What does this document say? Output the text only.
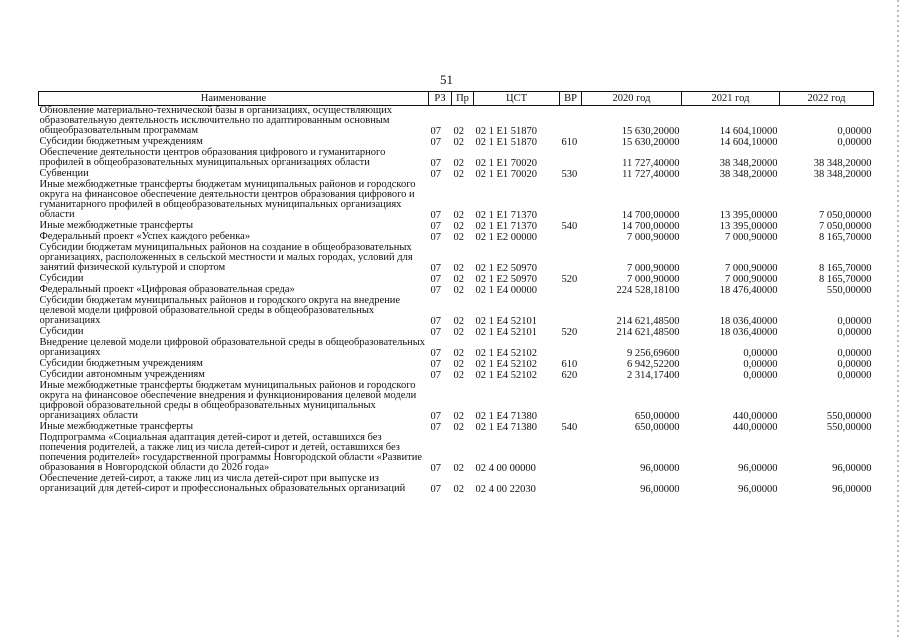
51
Наименование	РЗ	Пр	ЦСТ	ВР	2020 год	2021 год	2022 год
Обновление материально-технической базы в организациях, осуществляющих образовательную деятельность исключительно по адаптированным основным общеобразовательным программам	07	02	02 1 E1 51870		15 630,20000	14 604,10000	0,00000
Субсидии бюджетным учреждениям	07	02	02 1 E1 51870	610	15 630,20000	14 604,10000	0,00000
Обеспечение деятельности центров образования цифрового и гуманитарного профилей в общеобразовательных муниципальных организациях области	07	02	02 1 E1 70020		11 727,40000	38 348,20000	38 348,20000
Субвенции	07	02	02 1 E1 70020	530	11 727,40000	38 348,20000	38 348,20000
Иные межбюджетные трансферты бюджетам муниципальных районов и городского округа на финансовое обеспечение деятельности центров образования цифрового и гуманитарного профилей в общеобразовательных муниципальных организациях области	07	02	02 1 E1 71370		14 700,00000	13 395,00000	7 050,00000
Иные межбюджетные трансферты	07	02	02 1 E1 71370	540	14 700,00000	13 395,00000	7 050,00000
Федеральный проект «Успех каждого ребенка»	07	02	02 1 E2 00000		7 000,90000	7 000,90000	8 165,70000
Субсидии бюджетам муниципальных районов на создание в общеобразовательных организациях, расположенных в сельской местности и малых городах, условий для занятий физической культурой и спортом	07	02	02 1 E2 50970		7 000,90000	7 000,90000	8 165,70000
Субсидии	07	02	02 1 E2 50970	520	7 000,90000	7 000,90000	8 165,70000
Федеральный проект «Цифровая образовательная среда»	07	02	02 1 E4 00000		224 528,18100	18 476,40000	550,00000
Субсидии бюджетам муниципальных районов и городского округа на внедрение целевой модели цифровой образовательной среды в общеобразовательных организациях	07	02	02 1 E4 52101		214 621,48500	18 036,40000	0,00000
Субсидии	07	02	02 1 E4 52101	520	214 621,48500	18 036,40000	0,00000
Внедрение целевой модели цифровой образовательной среды в общеобразовательных организациях	07	02	02 1 E4 52102		9 256,69600	0,00000	0,00000
Субсидии бюджетным учреждениям	07	02	02 1 E4 52102	610	6 942,52200	0,00000	0,00000
Субсидии автономным учреждениям	07	02	02 1 E4 52102	620	2 314,17400	0,00000	0,00000
Иные межбюджетные трансферты бюджетам муниципальных районов и городского округа на финансовое обеспечение внедрения и функционирования целевой модели цифровой образовательной среды в общеобразовательных муниципальных организациях области	07	02	02 1 E4 71380		650,00000	440,00000	550,00000
Иные межбюджетные трансферты	07	02	02 1 E4 71380	540	650,00000	440,00000	550,00000
Подпрограмма «Социальная адаптация детей-сирот и детей, оставшихся без попечения родителей, а также лиц из числа детей-сирот и детей, оставшихся без попечения родителей» государственной программы Новгородской области «Развитие образования в Новгородской области до 2026 года»	07	02	02 4 00 00000		96,00000	96,00000	96,00000
Обеспечение детей-сирот, а также лиц из числа детей-сирот при выпуске из организаций для детей-сирот и профессиональных образовательных организаций	07	02	02 4 00 22030		96,00000	96,00000	96,00000
